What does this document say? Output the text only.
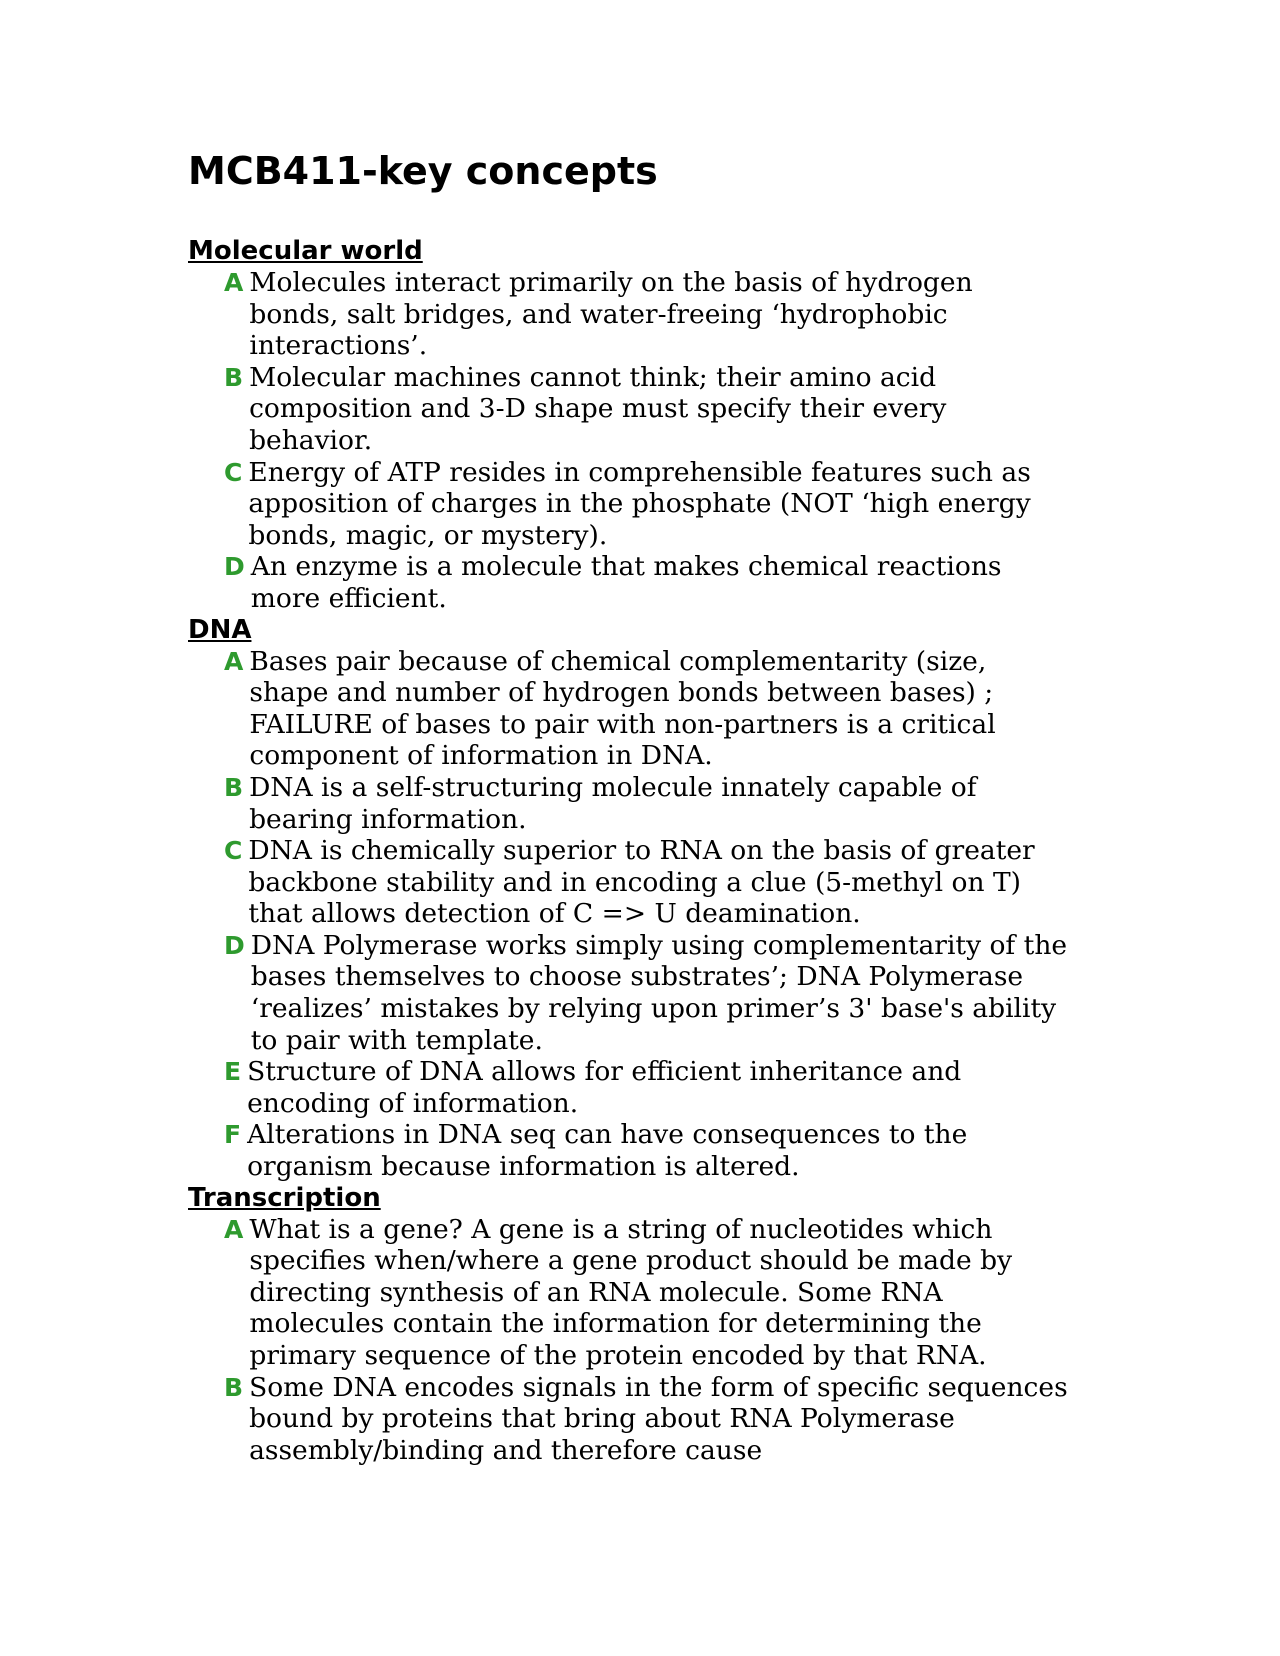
MCB411-key concepts
Molecular world
A Molecules interact primarily on the basis of hydrogen bonds, salt bridges, and water-freeing ‘hydrophobic interactions’.
B Molecular machines cannot think; their amino acid composition and 3-D shape must specify their every behavior.
C Energy of ATP resides in comprehensible features such as apposition of charges in the phosphate (NOT ‘high energy bonds, magic, or mystery).
D An enzyme is a molecule that makes chemical reactions more efficient.
DNA
A Bases pair because of chemical complementarity (size, shape and number of hydrogen bonds between bases) ; FAILURE of bases to pair with non-partners is a critical component of information in DNA.
B DNA is a self-structuring molecule innately capable of bearing information.
C DNA is chemically superior to RNA on the basis of greater backbone stability and in encoding a clue (5-methyl on T) that allows detection of C => U deamination.
D DNA Polymerase works simply using complementarity of the bases themselves to choose substrates’; DNA Polymerase ‘realizes’ mistakes by relying upon primer’s 3' base's ability to pair with template.
E Structure of DNA allows for efficient inheritance and encoding of information.
F Alterations in DNA seq can have consequences to the organism because information is altered.
Transcription
A What is a gene? A gene is a string of nucleotides which specifies when/where a gene product should be made by directing synthesis of an RNA molecule. Some RNA molecules contain the information for determining the primary sequence of the protein encoded by that RNA.
B Some DNA encodes signals in the form of specific sequences bound by proteins that bring about RNA Polymerase assembly/binding and therefore cause
